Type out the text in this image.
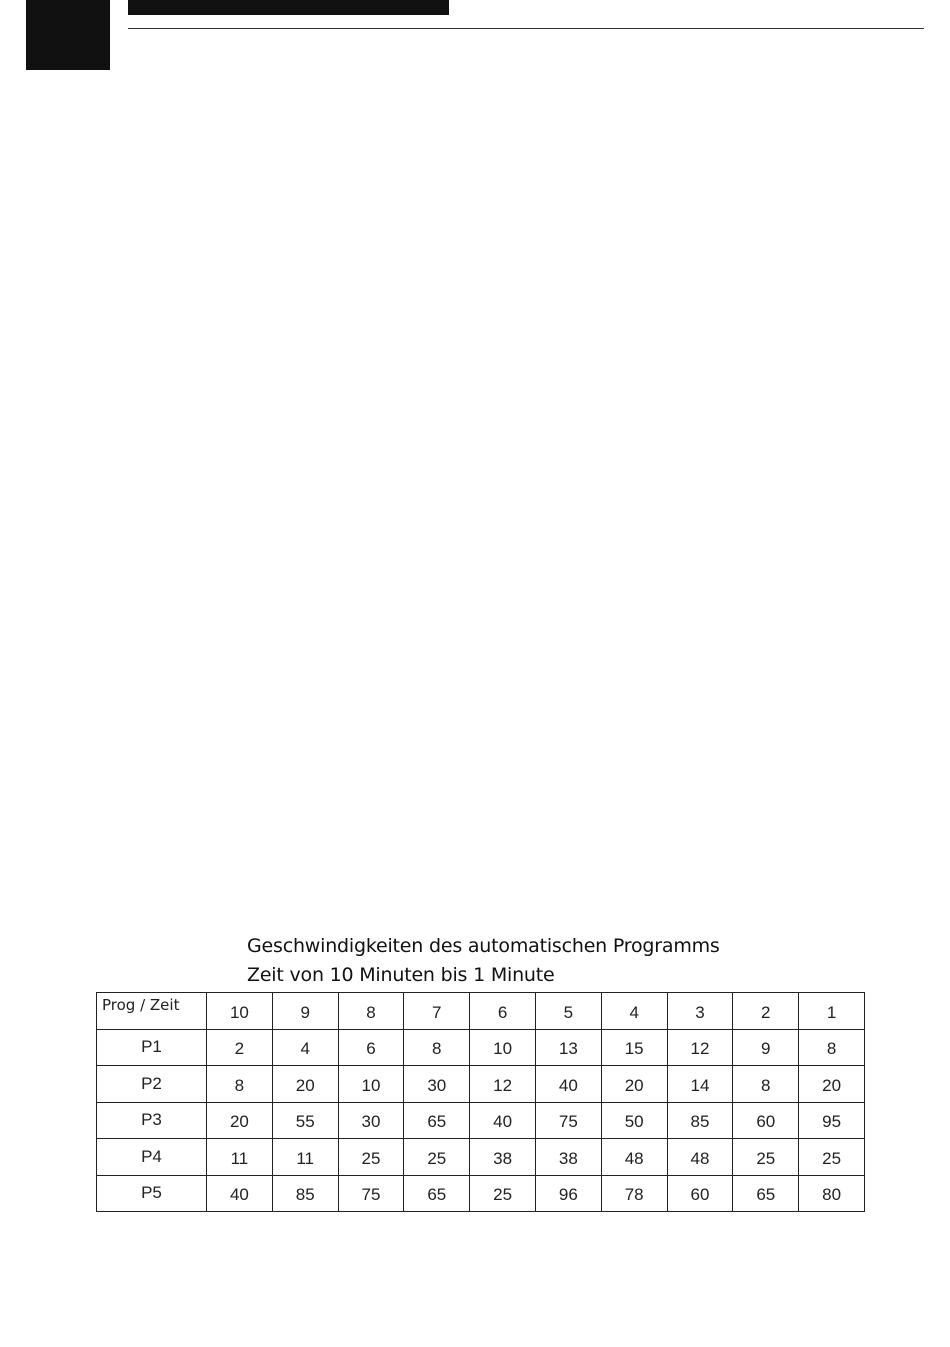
Geschwindigkeiten des automatischen Programms
Zeit von 10 Minuten bis 1 Minute
Prog / Zeit	10	9	8	7	6	5	4	3	2	1
P1	2	4	6	8	10	13	15	12	9	8
P2	8	20	10	30	12	40	20	14	8	20
P3	20	55	30	65	40	75	50	85	60	95
P4	11	11	25	25	38	38	48	48	25	25
P5	40	85	75	65	25	96	78	60	65	80
